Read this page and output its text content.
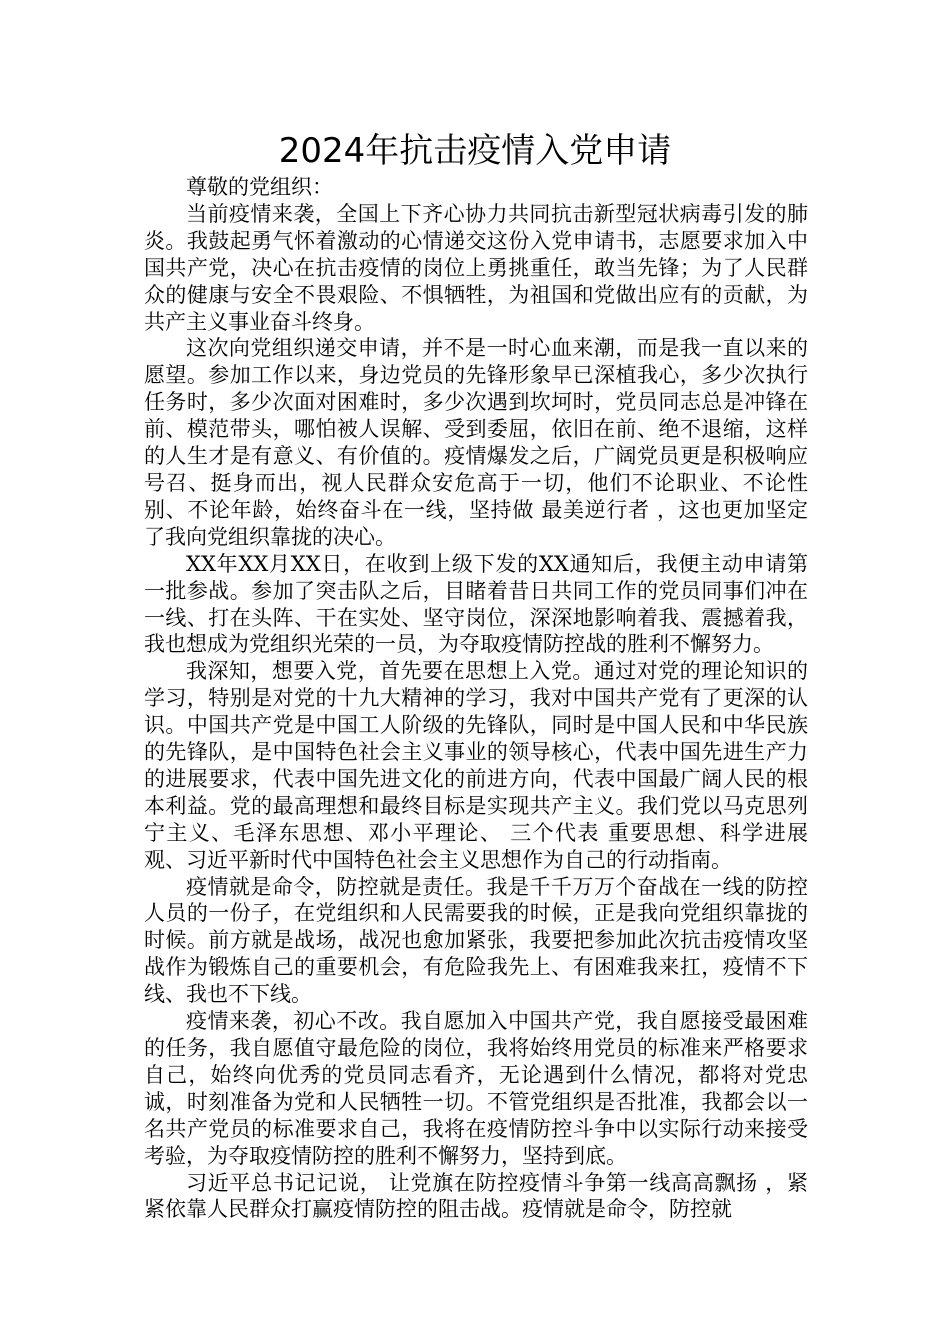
2024年抗击疫情入党申请

尊敬的党组织：

当前疫情来袭，全国上下齐心协力共同抗击新型冠状病毒引发的肺炎。我鼓起勇气怀着激动的心情递交这份入党申请书，志愿要求加入中国共产党，决心在抗击疫情的岗位上勇挑重任，敢当先锋；为了人民群众的健康与安全不畏艰险、不惧牺牲，为祖国和党做出应有的贡献，为共产主义事业奋斗终身。

这次向党组织递交申请，并不是一时心血来潮，而是我一直以来的愿望。参加工作以来，身边党员的先锋形象早已深植我心，多少次执行任务时，多少次面对困难时，多少次遇到坎坷时，党员同志总是冲锋在前、模范带头，哪怕被人误解、受到委屈，依旧在前、绝不退缩，这样的人生才是有意义、有价值的。疫情爆发之后，广阔党员更是积极响应号召、挺身而出，视人民群众安危高于一切，他们不论职业、不论性别、不论年龄，始终奋斗在一线，坚持做 最美逆行者 ，这也更加坚定了我向党组织靠拢的决心。

XX年XX月XX日，在收到上级下发的XX通知后，我便主动申请第一批参战。参加了突击队之后，目睹着昔日共同工作的党员同事们冲在一线、打在头阵、干在实处、坚守岗位，深深地影响着我、震撼着我，我也想成为党组织光荣的一员，为夺取疫情防控战的胜利不懈努力。

我深知，想要入党，首先要在思想上入党。通过对党的理论知识的学习，特别是对党的十九大精神的学习，我对中国共产党有了更深的认识。中国共产党是中国工人阶级的先锋队，同时是中国人民和中华民族的先锋队，是中国特色社会主义事业的领导核心，代表中国先进生产力的进展要求，代表中国先进文化的前进方向，代表中国最广阔人民的根本利益。党的最高理想和最终目标是实现共产主义。我们党以马克思列宁主义、毛泽东思想、邓小平理论、 三个代表 重要思想、科学进展观、习近平新时代中国特色社会主义思想作为自己的行动指南。

疫情就是命令，防控就是责任。我是千千万万个奋战在一线的防控人员的一份子，在党组织和人民需要我的时候，正是我向党组织靠拢的时候。前方就是战场，战况也愈加紧张，我要把参加此次抗击疫情攻坚战作为锻炼自己的重要机会，有危险我先上、有困难我来扛，疫情不下线、我也不下线。

疫情来袭，初心不改。我自愿加入中国共产党，我自愿接受最困难的任务，我自愿值守最危险的岗位，我将始终用党员的标准来严格要求自己，始终向优秀的党员同志看齐，无论遇到什么情况，都将对党忠诚，时刻准备为党和人民牺牲一切。不管党组织是否批准，我都会以一名共产党员的标准要求自己，我将在疫情防控斗争中以实际行动来接受考验，为夺取疫情防控的胜利不懈努力，坚持到底。

习近平总书记记说， 让党旗在防控疫情斗争第一线高高飘扬 ，紧紧依靠人民群众打赢疫情防控的阻击战。疫情就是命令，防控就
